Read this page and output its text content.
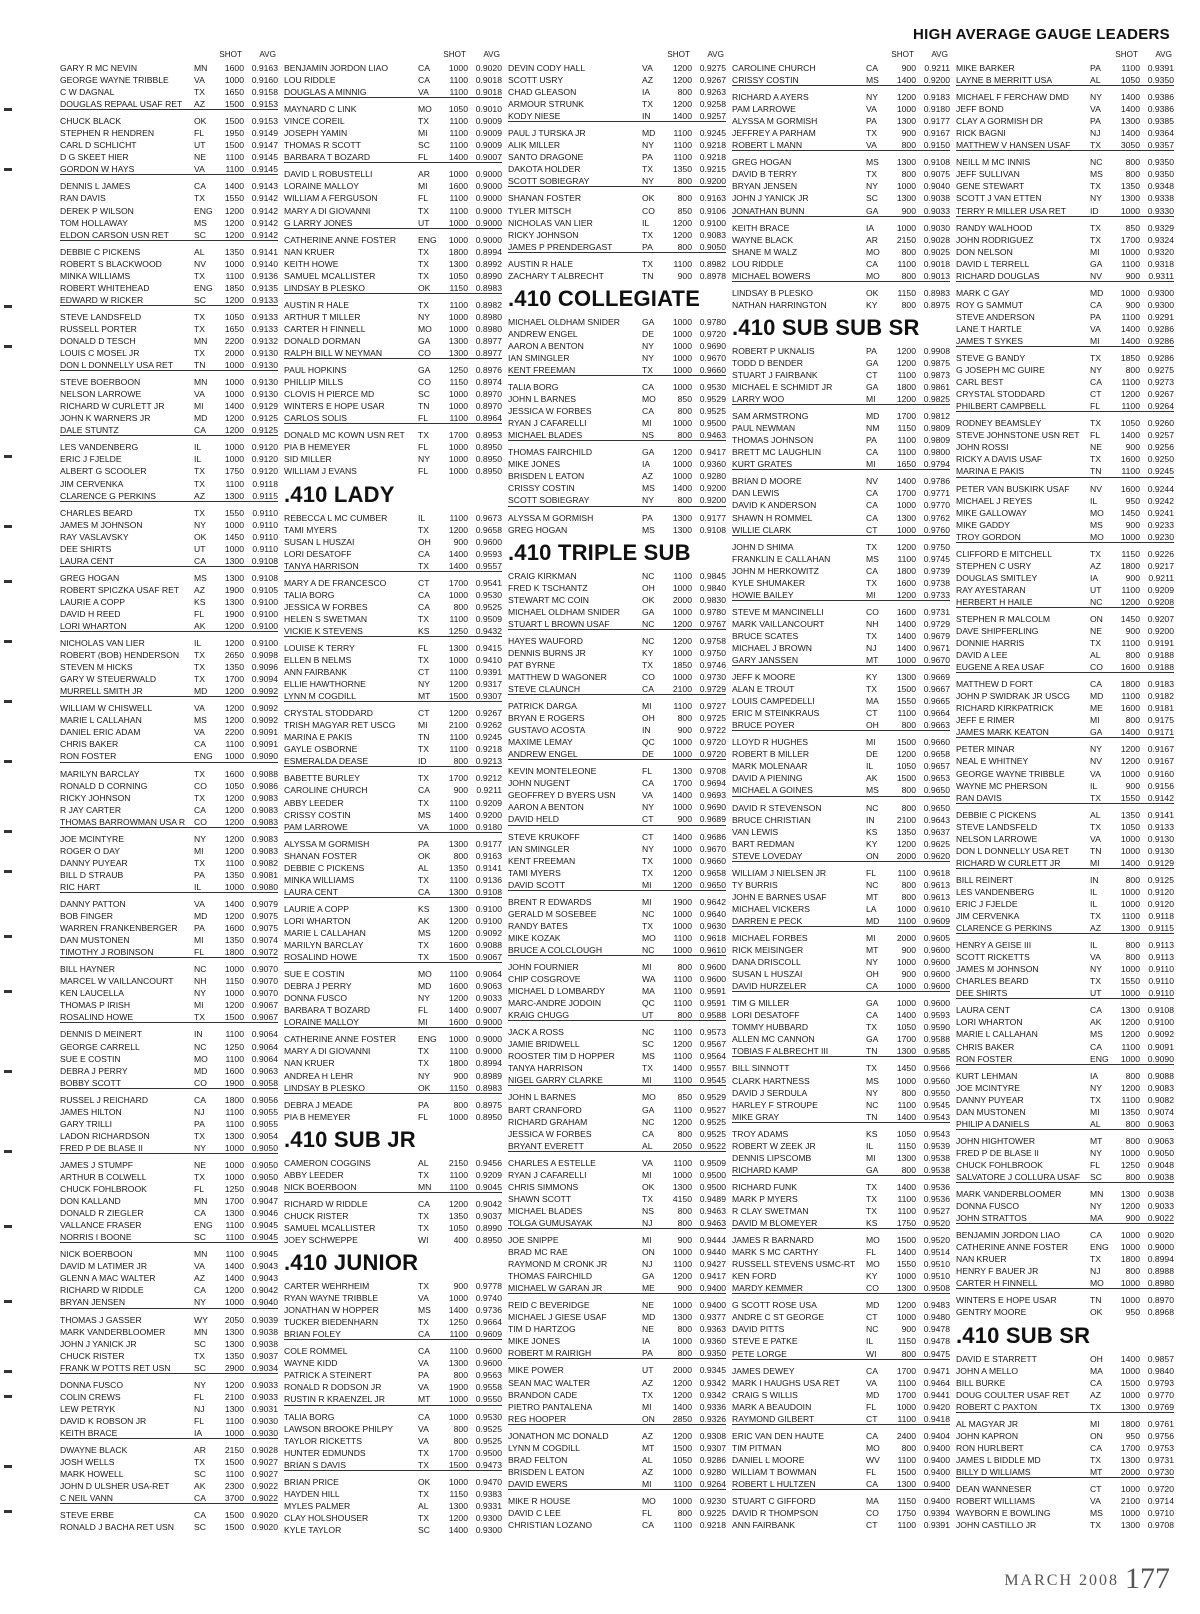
HIGH AVERAGE GAUGE LEADERS
SHOT	AVG
GARY R MC NEVIN	MN	1600 0.9163
GEORGE WAYNE TRIBBLE	VA	1000 0.9160
C W DAGNAL	TX	1650 0.9158
DOUGLAS REPAAL USAF RET	AZ	1500 0.9153
CHUCK BLACK	OK	1500 0.9153
STEPHEN R HENDREN	FL	1950 0.9149
CARL D SCHLICHT	UT	1500 0.9147
D G SKEET HIER	NE	1100 0.9145
GORDON W HAYS	VA	1100 0.9145
DENNIS L JAMES	CA	1400 0.9143
RAN DAVIS	TX	1550 0.9142
DEREK P WILSON	ENG	1200 0.9142
TOM HOLLAWAY	MS	1200 0.9142
ELDON CARSON USN RET	SC	1200 0.9142
DEBBIE C PICKENS	AL	1350 0.9141
ROBERT S BLACKWOOD	NV	1000 0.9140
MINKA WILLIAMS	TX	1100 0.9136
ROBERT WHITEHEAD	ENG	1850 0.9135
EDWARD W RICKER	SC	1200 0.9133
STEVE LANDSFELD	TX	1050 0.9133
RUSSELL PORTER	TX	1650 0.9133
DONALD D TESCH	MN	2200 0.9132
LOUIS C MOSEL JR	TX	2000 0.9130
DON L DONNELLY USA RET	TN	1000 0.9130
STEVE BOERBOON	MN	1000 0.9130
NELSON LARROWE	VA	1000 0.9130
RICHARD W CURLETT JR	MI	1400 0.9129
JOHN K WARNERS JR	MD	1200 0.9125
DALE STUNTZ	CA	1200 0.9125
LES VANDENBERG	IL	1000 0.9120
ERIC J FJELDE	IL	1000 0.9120
ALBERT G SCOOLER	TX	1750 0.9120
JIM CERVENKA	TX	1100 0.9118
CLARENCE G PERKINS	AZ	1300 0.9115
CHARLES BEARD	TX	1550 0.9110
JAMES M JOHNSON	NY	1000 0.9110
RAY VASLAVSKY	OK	1450 0.9110
DEE SHIRTS	UT	1000 0.9110
LAURA CENT	CA	1300 0.9108
GREG HOGAN	MS	1300 0.9108
ROBERT SPICZKA USAF RET	AZ	1900 0.9105
LAURIE A COPP	KS	1300 0.9100
DAVID H REED	FL	1900 0.9100
LORI WHARTON	AK	1200 0.9100
NICHOLAS VAN LIER	IL	1200 0.9100
ROBERT (BOB) HENDERSON	TX	2650 0.9098
STEVEN M HICKS	TX	1350 0.9096
GARY W STEUERWALD	TX	1700 0.9094
MURRELL SMITH JR	MD	1200 0.9092
WILLIAM W CHISWELL	VA	1200 0.9092
MARIE L CALLAHAN	MS	1200 0.9092
DANIEL ERIC ADAM	VA	2200 0.9091
CHRIS BAKER	CA	1100 0.9091
RON FOSTER	ENG	1000 0.9090
MARILYN BARCLAY	TX	1600 0.9088
RONALD D CORNING	CO	1050 0.9086
RICKY JOHNSON	TX	1200 0.9083
R JAY CARTER	CA	1200 0.9083
THOMAS BARROWMAN USA R	CO	1200 0.9083
JOE MCINTYRE	NY	1200 0.9083
ROGER O DAY	MI	1200 0.9083
DANNY PUYEAR	TX	1100 0.9082
BILL D STRAUB	PA	1350 0.9081
RIC HART	IL	1000 0.9080
DANNY PATTON	VA	1400 0.9079
BOB FINGER	MD	1200 0.9075
WARREN FRANKENBERGER	PA	1600 0.9075
DAN MUSTONEN	MI	1350 0.9074
TIMOTHY J ROBINSON	FL	1800 0.9072
BILL HAYNER	NC	1000 0.9070
MARCEL W VAILLANCOURT	NH	1150 0.9070
KEN LAUCELLA	NY	1000 0.9070
THOMAS P IRISH	MI	1200 0.9067
ROSALIND HOWE	TX	1500 0.9067
DENNIS D MEINERT	IN	1100 0.9064
GEORGE CARRELL	NC	1250 0.9064
SUE E COSTIN	MO	1100 0.9064
DEBRA J PERRY	MD	1600 0.9063
BOBBY SCOTT	CO	1900 0.9058
RUSSEL J REICHARD	CA	1800 0.9056
JAMES HILTON	NJ	1100 0.9055
GARY TRILLI	PA	1100 0.9055
LADON RICHARDSON	TX	1300 0.9054
FRED P DE BLASE II	NY	1000 0.9050
JAMES J STUMPF	NE	1000 0.9050
ARTHUR B COLWELL	TX	1000 0.9050
CHUCK FOHLBROOK	FL	1250 0.9048
DON KALLAND	MN	1700 0.9047
DONALD R ZIEGLER	CA	1300 0.9046
VALLANCE FRASER	ENG	1100 0.9045
NORRIS I BOONE	SC	1100 0.9045
NICK BOERBOON	MN	1100 0.9045
DAVID M LATIMER JR	VA	1400 0.9043
GLENN A MAC WALTER	AZ	1400 0.9043
RICHARD W RIDDLE	CA	1200 0.9042
BRYAN JENSEN	NY	1000 0.9040
THOMAS J GASSER	WY	2050 0.9039
MARK VANDERBLOOMER	MN	1300 0.9038
JOHN J YANICK JR	SC	1300 0.9038
CHUCK RISTER	TX	1350 0.9037
FRANK W POTTS RET USN	SC	2900 0.9034
DONNA FUSCO	NY	1200 0.9033
COLIN CREWS	FL	2100 0.9033
LEW PETRYK	NJ	1300 0.9031
DAVID K ROBSON JR	FL	1100 0.9030
KEITH BRACE	IA	1000 0.9030
DWAYNE BLACK	AR	2150 0.9028
JOSH WELLS	TX	1500 0.9027
MARK HOWELL	SC	1100 0.9027
JOHN D ULSHER USA-RET	AK	2300 0.9022
C NEIL VANN	CA	3700 0.9022
STEVE ERBE	CA	1500 0.9020
RONALD J BACHA RET USN	SC	1500 0.9020
SHOT	AVG
BENJAMIN JORDON LIAO	CA	1000 0.9020
LOU RIDDLE	CA	1100 0.9018
DOUGLAS A MINNIG	VA	1100 0.9018
MAYNARD C LINK	MO	1050 0.9010
VINCE COREIL	TX	1100 0.9009
JOSEPH YAMIN	MI	1100 0.9009
THOMAS R SCOTT	SC	1100 0.9009
BARBARA T BOZARD	FL	1400 0.9007
DAVID L ROBUSTELLI	AR	1000 0.9000
LORAINE MALLOY	MI	1600 0.9000
WILLIAM A FERGUSON	FL	1100 0.9000
MARY A DI GIOVANNI	TX	1100 0.9000
G LARRY JONES	UT	1000 0.9000
CATHERINE ANNE FOSTER	ENG	1000 0.9000
NAN KRUER	TX	1800 0.8994
KEITH HOWE	TX	1300 0.8992
SAMUEL MCALLISTER	TX	1050 0.8990
LINDSAY B PLESKO	OK	1150 0.8983
AUSTIN R HALE	TX	1100 0.8982
ARTHUR T MILLER	NY	1000 0.8980
CARTER H FINNELL	MO	1000 0.8980
DONALD DORMAN	GA	1300 0.8977
RALPH BILL W NEYMAN	CO	1300 0.8977
PAUL HOPKINS	GA	1250 0.8976
PHILLIP MILLS	CO	1150 0.8974
CLOVIS H PIERCE MD	SC	1000 0.8970
WINTERS E HOPE USAR	TN	1000 0.8970
CARLOS SOLIS	FL	1100 0.8964
DONALD MC KOWN USN RET	TX	1700 0.8953
PIA B HEMEYER	FL	1000 0.8950
SID MILLER	NY	1000 0.8950
WILLIAM J EVANS	FL	1000 0.8950
.410 LADY
REBECCA L MC CUMBER	IL	1100 0.9673
TAMI MYERS	TX	1200 0.9658
SUSAN L HUSZAI	OH	900 0.9600
LORI DESATOFF	CA	1400 0.9593
TANYA HARRISON	TX	1400 0.9557
MARY A DE FRANCESCO	CT	1700 0.9541
TALIA BORG	CA	1000 0.9530
JESSICA W FORBES	CA	800 0.9525
HELEN S SWETMAN	TX	1100 0.9509
VICKIE K STEVENS	KS	1250 0.9432
LOUISE K TERRY	FL	1300 0.9415
ELLEN B NELMS	TX	1000 0.9410
ANN FAIRBANK	CT	1100 0.9391
ELLIE HAWTHORNE	NY	1200 0.9317
LYNN M COGDILL	MT	1500 0.9307
CRYSTAL STODDARD	CT	1200 0.9267
TRISH MAGYAR RET USCG	MI	2100 0.9262
MARINA E PAKIS	TN	1100 0.9245
GAYLE OSBORNE	TX	1100 0.9218
ESMERALDA DEASE	ID	800 0.9213
BABETTE BURLEY	TX	1700 0.9212
CAROLINE CHURCH	CA	900 0.9211
ABBY LEEDER	TX	1100 0.9209
CRISSY COSTIN	MS	1400 0.9200
PAM LARROWE	VA	1000 0.9180
ALYSSA M GORMISH	PA	1300 0.9177
SHANAN FOSTER	OK	800 0.9163
DEBBIE C PICKENS	AL	1350 0.9141
MINKA WILLIAMS	TX	1100 0.9136
LAURA CENT	CA	1300 0.9108
LAURIE A COPP	KS	1300 0.9100
LORI WHARTON	AK	1200 0.9100
MARIE L CALLAHAN	MS	1200 0.9092
MARILYN BARCLAY	TX	1600 0.9088
ROSALIND HOWE	TX	1500 0.9067
SUE E COSTIN	MO	1100 0.9064
DEBRA J PERRY	MD	1600 0.9063
DONNA FUSCO	NY	1200 0.9033
BARBARA T BOZARD	FL	1400 0.9007
LORAINE MALLOY	MI	1600 0.9000
CATHERINE ANNE FOSTER	ENG	1000 0.9000
MARY A DI GIOVANNI	TX	1100 0.9000
NAN KRUER	TX	1800 0.8994
ANDREA H LEHR	NY	900 0.8989
LINDSAY B PLESKO	OK	1150 0.8983
DEBRA J MEADE	PA	800 0.8975
PIA B HEMEYER	FL	1000 0.8950
.410 SUB JR
CAMERON COGGINS	AL	2150 0.9456
ABBY LEEDER	TX	1100 0.9209
NICK BOERBOON	MN	1100 0.9045
RICHARD W RIDDLE	CA	1200 0.9042
CHUCK RISTER	TX	1350 0.9037
SAMUEL MCALLISTER	TX	1050 0.8990
JOEY SCHWEPPE	WI	400 0.8950
.410 JUNIOR
CARTER WEHRHEIM	TX	900 0.9778
RYAN WAYNE TRIBBLE	VA	1000 0.9740
JONATHAN W HOPPER	MS	1400 0.9736
TUCKER BIEDENHARN	TX	1250 0.9664
BRIAN FOLEY	CA	1100 0.9609
COLE ROMMEL	CA	1100 0.9600
WAYNE KIDD	VA	1300 0.9600
PATRICK A STEINERT	PA	800 0.9563
RONALD R DODSON JR	VA	1900 0.9558
RUSTIN R KRAENZEL JR	MT	1000 0.9550
TALIA BORG	CA	1000 0.9530
LAWSON BROOKE PHILPY	VA	800 0.9525
TAYLOR RICKETTS	VA	800 0.9525
HUNTER EDMUNDS	TX	1700 0.9500
BRIAN S DAVIS	TX	1500 0.9473
BRIAN PRICE	OK	1000 0.9470
HAYDEN HILL	TX	1150 0.9383
MYLES PALMER	AL	1300 0.9331
CLAY HOLSHOUSER	TX	1200 0.9300
KYLE TAYLOR	SC	1400 0.9300
SHOT	AVG
DEVIN CODY HALL	VA	1200 0.9275
SCOTT USRY	AZ	1200 0.9267
CHAD GLEASON	IA	800 0.9263
ARMOUR STRUNK	TX	1200 0.9258
KODY NIESE	IN	1400 0.9257
PAUL J TURSKA JR	MD	1100 0.9245
ALIK MILLER	NY	1100 0.9218
SANTO DRAGONE	PA	1100 0.9218
DAKOTA HOLDER	TX	1350 0.9215
SCOTT SOBIEGRAY	NY	800 0.9200
SHANAN FOSTER	OK	800 0.9163
TYLER MITSCH	CO	850 0.9106
NICHOLAS VAN LIER	IL	1200 0.9100
RICKY JOHNSON	TX	1200 0.9083
JAMES P PRENDERGAST	PA	800 0.9050
AUSTIN R HALE	TX	1100 0.8982
ZACHARY T ALBRECHT	TN	900 0.8978
.410 COLLEGIATE
MICHAEL OLDHAM SNIDER	GA	1000 0.9780
ANDREW ENGEL	DE	1000 0.9720
AARON A BENTON	NY	1000 0.9690
IAN SMINGLER	NY	1000 0.9670
KENT FREEMAN	TX	1000 0.9660
TALIA BORG	CA	1000 0.9530
JOHN L BARNES	MO	850 0.9529
JESSICA W FORBES	CA	800 0.9525
RYAN J CAFARELLI	MI	1000 0.9500
MICHAEL BLADES	NS	800 0.9463
THOMAS FAIRCHILD	GA	1200 0.9417
MIKE JONES	IA	1000 0.9360
BRISDEN L EATON	AZ	1000 0.9280
CRISSY COSTIN	MS	1400 0.9200
SCOTT SOBIEGRAY	NY	800 0.9200
ALYSSA M GORMISH	PA	1300 0.9177
GREG HOGAN	MS	1300 0.9108
.410 TRIPLE SUB
CRAIG KIRKMAN	NC	1100 0.9845
FRED K TSCHANTZ	OH	1000 0.9840
STEWART MC COIN	OK	2000 0.9830
MICHAEL OLDHAM SNIDER	GA	1000 0.9780
STUART L BROWN USAF	NC	1200 0.9767
HAYES WAUFORD	NC	1200 0.9758
DENNIS BURNS JR	KY	1000 0.9750
PAT BYRNE	TX	1850 0.9746
MATTHEW D WAGONER	CO	1000 0.9730
STEVE CLAUNCH	CA	2100 0.9729
PATRICK DARGA	MI	1100 0.9727
BRYAN E ROGERS	OH	800 0.9725
GUSTAVO ACOSTA	IN	900 0.9722
MAXIME LEMAY	QC	1000 0.9720
ANDREW ENGEL	DE	1000 0.9720
KEVIN MONTELEONE	FL	1300 0.9708
JOHN NUGENT	CA	1700 0.9694
GEOFFREY D BYERS USN	VA	1400 0.9693
AARON A BENTON	NY	1000 0.9690
DAVID HELD	CT	900 0.9689
STEVE KRUKOFF	CT	1400 0.9686
IAN SMINGLER	NY	1000 0.9670
KENT FREEMAN	TX	1000 0.9660
TAMI MYERS	TX	1200 0.9658
DAVID SCOTT	MI	1200 0.9650
BRENT R EDWARDS	MI	1900 0.9642
GERALD M SOSEBEE	NC	1000 0.9640
RANDY BATES	TX	1000 0.9630
MIKE KOZAK	MO	1100 0.9618
BRUCE A COLCLOUGH	NC	1000 0.9610
JOHN FOURNIER	MI	800 0.9600
CHIP COSGROVE	WA	1100 0.9600
MICHAEL D LOMBARDY	MA	1100 0.9591
MARC-ANDRE JODOIN	QC	1100 0.9591
KRAIG CHUGG	UT	800 0.9588
JACK A ROSS	NC	1100 0.9573
JAMIE BRIDWELL	SC	1200 0.9567
ROOSTER TIM D HOPPER	MS	1100 0.9564
TANYA HARRISON	TX	1400 0.9557
NIGEL GARRY CLARKE	MI	1100 0.9545
JOHN L BARNES	MO	850 0.9529
BART CRANFORD	GA	1100 0.9527
RICHARD GRAHAM	NC	1200 0.9525
JESSICA W FORBES	CA	800 0.9525
BRYANT EVERETT	AL	2050 0.9522
CHARLES A ESTELLE	VA	1100 0.9509
RYAN J CAFARELLI	MI	1000 0.9500
CHRIS SIMMONS	OK	1300 0.9500
SHAWN SCOTT	TX	4150 0.9489
MICHAEL BLADES	NS	800 0.9463
TOLGA GUMUSAYAK	NJ	800 0.9463
JOE SNIPPE	MI	900 0.9444
BRAD MC RAE	ON	1000 0.9440
RAYMOND M CRONK JR	NJ	1100 0.9427
THOMAS FAIRCHILD	GA	1200 0.9417
MICHAEL W GARAN JR	ME	900 0.9400
REID C BEVERIDGE	NE	1000 0.9400
MICHAEL J GIESE USAF	MD	1300 0.9377
TIM D HARTZOG	NE	800 0.9363
MIKE JONES	IA	1000 0.9360
ROBERT M RAIRIGH	PA	800 0.9350
MIKE POWER	UT	2000 0.9345
SEAN MAC WALTER	AZ	1200 0.9342
BRANDON CADE	TX	1200 0.9342
PIETRO PANTALENA	MI	1400 0.9336
REG HOOPER	ON	2850 0.9326
JONATHON MC DONALD	AZ	1200 0.9308
LYNN M COGDILL	MT	1500 0.9307
BRAD FELTON	AL	1050 0.9286
BRISDEN L EATON	AZ	1000 0.9280
DAVID EWERS	MI	1100 0.9264
MIKE R HOUSE	MO	1000 0.9230
DAVID C LEE	FL	800 0.9225
CHRISTIAN LOZANO	CA	1100 0.9218
SHOT	AVG
CAROLINE CHURCH	CA	900 0.9211
CRISSY COSTIN	MS	1400 0.9200
RICHARD A AYERS	NY	1200 0.9183
PAM LARROWE	VA	1000 0.9180
ALYSSA M GORMISH	PA	1300 0.9177
JEFFREY A PARHAM	TX	900 0.9167
ROBERT L MANN	VA	800 0.9150
GREG HOGAN	MS	1300 0.9108
DAVID B TERRY	TX	800 0.9075
BRYAN JENSEN	NY	1000 0.9040
JOHN J YANICK JR	SC	1300 0.9038
JONATHAN BUNN	GA	900 0.9033
KEITH BRACE	IA	1000 0.9030
WAYNE BLACK	AR	2150 0.9028
SHANE M WALZ	MO	800 0.9025
LOU RIDDLE	CA	1100 0.9018
MICHAEL BOWERS	MO	800 0.9013
LINDSAY B PLESKO	OK	1150 0.8983
NATHAN HARRINGTON	KY	800 0.8975
.410 SUB SUB SR
ROBERT P UKNALIS	PA	1200 0.9908
TODD D BENDER	GA	1200 0.9875
STUART J FAIRBANK	CT	1100 0.9873
MICHAEL E SCHMIDT JR	GA	1800 0.9861
LARRY WOO	MI	1200 0.9825
SAM ARMSTRONG	MD	1700 0.9812
PAUL NEWMAN	NM	1150 0.9809
THOMAS JOHNSON	PA	1100 0.9809
BRETT MC LAUGHLIN	CA	1100 0.9800
KURT GRATES	MI	1650 0.9794
BRIAN D MOORE	NV	1400 0.9786
DAN LEWIS	CA	1700 0.9771
DAVID K ANDERSON	CA	1000 0.9770
SHAWN H ROMMEL	CA	1300 0.9762
WILLIE CLARK	CT	1000 0.9760
JOHN D SHIMA	TX	1200 0.9750
FRANKLIN E CALLAHAN	MS	1100 0.9745
JOHN M HERKOWITZ	CA	1800 0.9739
KYLE SHUMAKER	TX	1600 0.9738
HOWIE BAILEY	MI	1200 0.9733
STEVE M MANCINELLI	CO	1600 0.9731
MARK VAILLANCOURT	NH	1400 0.9729
BRUCE SCATES	TX	1400 0.9679
MICHAEL J BROWN	NJ	1400 0.9671
GARY JANSSEN	MT	1000 0.9670
JEFF K MOORE	KY	1300 0.9669
ALAN E TROUT	TX	1500 0.9667
LOUIS CAMPEDELLI	MA	1550 0.9665
ERIC M STEINKRAUS	CT	1100 0.9664
BRUCE POYER	OH	800 0.9663
LLOYD R HUGHES	MI	1500 0.9660
ROBERT B MILLER	DE	1200 0.9658
MARK MOLENAAR	IL	1050 0.9657
DAVID A PIENING	AK	1500 0.9653
MICHAEL A GOINES	MS	800 0.9650
DAVID R STEVENSON	NC	800 0.9650
BRUCE CHRISTIAN	IN	2100 0.9643
VAN LEWIS	KS	1350 0.9637
BART REDMAN	KY	1200 0.9625
STEVE LOVEDAY	ON	2000 0.9620
WILLIAM J NIELSEN JR	FL	1100 0.9618
TY BURRIS	NC	800 0.9613
JOHN E BARNES USAF	MT	800 0.9613
MICHAEL VICKERS	LA	1000 0.9610
DARREN E PECK	MD	1100 0.9609
MICHAEL FORBES	MI	2000 0.9605
RICK MEISINGER	MT	900 0.9600
DANA DRISCOLL	NY	1000 0.9600
SUSAN L HUSZAI	OH	900 0.9600
DAVID HURZELER	CA	1000 0.9600
TIM G MILLER	GA	1000 0.9600
LORI DESATOFF	CA	1400 0.9593
TOMMY HUBBARD	TX	1050 0.9590
ALLEN MC CANNON	GA	1700 0.9588
TOBIAS F ALBRECHT III	TN	1300 0.9585
BILL SINNOTT	TX	1450 0.9566
CLARK HARTNESS	MS	1000 0.9560
DAVID J SERDULA	NY	800 0.9550
HARLEY F STROUPE	NC	1100 0.9545
MIKE GRAY	TN	1400 0.9543
TROY ADAMS	KS	1050 0.9543
ROBERT W ZEEK JR	IL	1150 0.9539
DENNIS LIPSCOMB	MI	1300 0.9538
RICHARD KAMP	GA	800 0.9538
RICHARD FUNK	TX	1400 0.9536
MARK P MYERS	TX	1100 0.9536
R CLAY SWETMAN	TX	1100 0.9527
DAVID M BLOMEYER	KS	1750 0.9520
JAMES R BARNARD	MO	1500 0.9520
MARK S MC CARTHY	FL	1400 0.9514
RUSSELL STEVENS USMC-RT	MO	1550 0.9510
KEN FORD	KY	1000 0.9510
MARDY KEMMER	CO	1300 0.9508
G SCOTT ROSE USA	MD	1200 0.9483
ANDRE C ST GEORGE	CT	1000 0.9480
DAVID PITTS	NC	900 0.9478
STEVE E PATKE	IL	1150 0.9478
PETE LORGE	WI	800 0.9475
JAMES DEWEY	CA	1700 0.9471
MARK I HAUGHS USA RET	VA	1100 0.9464
CRAIG S WILLIS	MD	1700 0.9441
MARK A BEAUDOIN	FL	1000 0.9420
RAYMOND GILBERT	CT	1100 0.9418
ERIC VAN DEN HAUTE	CA	2400 0.9404
TIM PITMAN	MO	800 0.9400
DANIEL L MOORE	WV	1100 0.9400
WILLIAM T BOWMAN	FL	1500 0.9400
ROBERT L HULTZEN	CA	1300 0.9400
STUART C GIFFORD	MA	1150 0.9400
DAVID R THOMPSON	CO	1750 0.9394
ANN FAIRBANK	CT	1100 0.9391
SHOT	AVG
MIKE BARKER	PA	1100 0.9391
LAYNE B MERRITT USA	AL	1050 0.9350
MICHAEL F FERCHAW DMD	NY	1400 0.9386
JEFF BOND	VA	1400 0.9386
CLAY A GORMISH DR	PA	1300 0.9385
RICK BAGNI	NJ	1400 0.9364
MATTHEW V HANSEN USAF	TX	3050 0.9357
NEILL M MC INNIS	NC	800 0.9350
JEFF SULLIVAN	MS	800 0.9350
GENE STEWART	TX	1350 0.9348
SCOTT J VAN ETTEN	NY	1300 0.9338
TERRY R MILLER USA RET	ID	1000 0.9330
RANDY WALHOOD	TX	850 0.9329
JOHN RODRIGUEZ	TX	1700 0.9324
DON NELSON	MI	1000 0.9320
DAVID L TERRELL	GA	1100 0.9318
RICHARD DOUGLAS	NV	900 0.9311
MARK C GAY	MD	1000 0.9300
ROY G SAMMUT	CA	900 0.9300
STEVE ANDERSON	PA	1100 0.9291
LANE T HARTLE	VA	1400 0.9286
JAMES T SYKES	MI	1400 0.9286
STEVE G BANDY	TX	1850 0.9286
G JOSEPH MC GUIRE	NY	800 0.9275
CARL BEST	CA	1100 0.9273
CRYSTAL STODDARD	CT	1200 0.9267
PHILBERT CAMPBELL	FL	1100 0.9264
RODNEY BEAMSLEY	TX	1050 0.9260
STEVE JOHNSTONE USN RET	FL	1400 0.9257
JOHN ROSSI	NE	900 0.9256
RICKY A DAVIS USAF	TX	1600 0.9250
MARINA E PAKIS	TN	1100 0.9245
PETER VAN BUSKIRK USAF	NV	1600 0.9244
MICHAEL J REYES	IL	950 0.9242
MIKE GALLOWAY	MO	1450 0.9241
MIKE GADDY	MS	900 0.9233
TROY GORDON	MO	1000 0.9230
CLIFFORD E MITCHELL	TX	1150 0.9226
STEPHEN C USRY	AZ	1800 0.9217
DOUGLAS SMITLEY	IA	900 0.9211
RAY AYESTARAN	UT	1100 0.9209
HERBERT H HAILE	NC	1200 0.9208
STEPHEN R MALCOLM	ON	1450 0.9207
DAVE SHIPFERLING	NE	900 0.9200
DONNIE HARRIS	TX	1100 0.9191
DAVID A LEE	AL	800 0.9188
EUGENE A REA USAF	CO	1600 0.9188
MATTHEW D FORT	CA	1800 0.9183
JOHN P SWIDRAK JR USCG	MD	1100 0.9182
RICHARD KIRKPATRICK	ME	1600 0.9181
JEFF E RIMER	MI	800 0.9175
JAMES MARK KEATON	GA	1400 0.9171
PETER MINAR	NY	1200 0.9167
NEAL E WHITNEY	NV	1200 0.9167
GEORGE WAYNE TRIBBLE	VA	1000 0.9160
WAYNE MC PHERSON	IL	900 0.9156
RAN DAVIS	TX	1550 0.9142
DEBBIE C PICKENS	AL	1350 0.9141
STEVE LANDSFELD	TX	1050 0.9133
NELSON LARROWE	VA	1000 0.9130
DON L DONNELLY USA RET	TN	1000 0.9130
RICHARD W CURLETT JR	MI	1400 0.9129
BILL REINERT	IN	800 0.9125
LES VANDENBERG	IL	1000 0.9120
ERIC J FJELDE	IL	1000 0.9120
JIM CERVENKA	TX	1100 0.9118
CLARENCE G PERKINS	AZ	1300 0.9115
HENRY A GEISE III	IL	800 0.9113
SCOTT RICKETTS	VA	800 0.9113
JAMES M JOHNSON	NY	1000 0.9110
CHARLES BEARD	TX	1550 0.9110
DEE SHIRTS	UT	1000 0.9110
LAURA CENT	CA	1300 0.9108
LORI WHARTON	AK	1200 0.9100
MARIE L CALLAHAN	MS	1200 0.9092
CHRIS BAKER	CA	1100 0.9091
RON FOSTER	ENG	1000 0.9090
KURT LEHMAN	IA	800 0.9088
JOE MCINTYRE	NY	1200 0.9083
DANNY PUYEAR	TX	1100 0.9082
DAN MUSTONEN	MI	1350 0.9074
PHILIP A DANIELS	AL	800 0.9063
JOHN HIGHTOWER	MT	800 0.9063
FRED P DE BLASE II	NY	1000 0.9050
CHUCK FOHLBROOK	FL	1250 0.9048
SALVATORE J COLLURA USAF	SC	800 0.9038
MARK VANDERBLOOMER	MN	1300 0.9038
DONNA FUSCO	NY	1200 0.9033
JOHN STRATTOS	MA	900 0.9022
BENJAMIN JORDON LIAO	CA	1000 0.9020
CATHERINE ANNE FOSTER	ENG	1000 0.9000
NAN KRUER	TX	1800 0.8994
HENRY F BAUER JR	NJ	800 0.8988
CARTER H FINNELL	MO	1000 0.8980
WINTERS E HOPE USAR	TN	1000 0.8970
GENTRY MOORE	OK	950 0.8968
.410 SUB SR
DAVID E STARRETT	OH	1400 0.9857
JOHN A MELLO	MA	1000 0.9840
BILL BURKE	CA	1500 0.9793
DOUG COULTER USAF RET	AZ	1000 0.9770
ROBERT C PAXTON	TX	1300 0.9769
AL MAGYAR JR	MI	1800 0.9761
JOHN KAPRON	ON	950 0.9756
RON HURLBERT	CA	1700 0.9753
JAMES L BIDDLE MD	TX	1300 0.9731
BILLY D WILLIAMS	MT	2000 0.9730
DEAN WANNESER	CT	1000 0.9720
ROBERT WILLIAMS	VA	2100 0.9714
WAYBORN E BOWLING	MS	1000 0.9710
JOHN CASTILLO JR	TX	1300 0.9708
MARCH 2008 177
